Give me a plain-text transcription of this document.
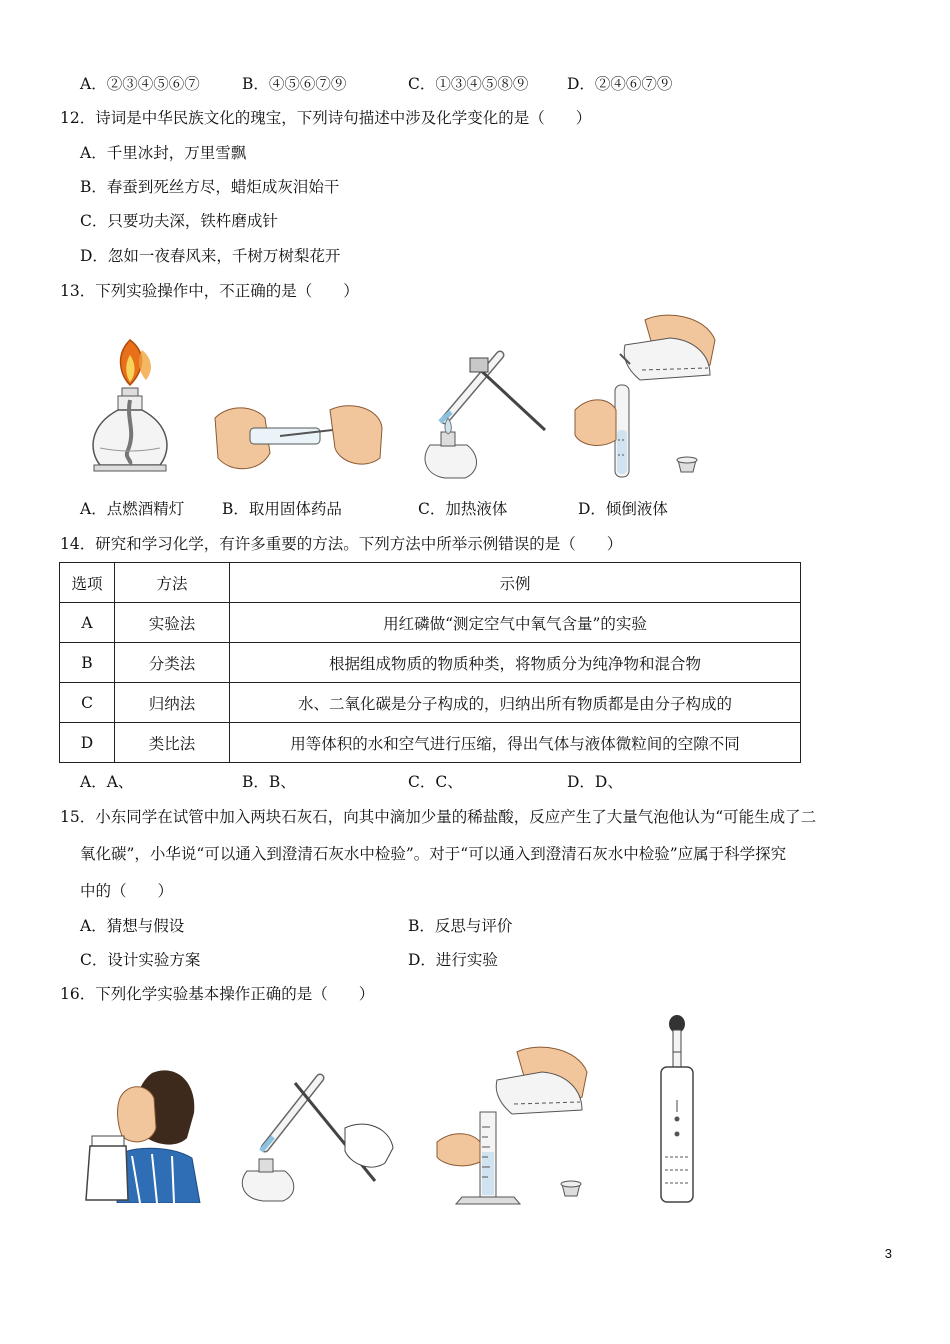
A．②③④⑤⑥⑦	B．④⑤⑥⑦⑨	C．①③④⑤⑧⑨ D．②④⑥⑦⑨
12．诗词是中华民族文化的瑰宝，下列诗句描述中涉及化学变化的是（　　）
A．千里冰封，万里雪飘
B．春蚕到死丝方尽，蜡炬成灰泪始干
C．只要功夫深，铁杵磨成针
D．忽如一夜春风来，千树万树梨花开
13．下列实验操作中，不正确的是（　　）
A．点燃酒精灯 B．取用固体药品	C．加热液体	D．倾倒液体
14．研究和学习化学，有许多重要的方法。下列方法中所举示例错误的是（　　）
选项	方法	示例
A	实验法	用红磷做“测定空气中氧气含量”的实验
B	分类法	根据组成物质的物质种类，将物质分为纯净物和混合物
C	归纳法	水、二氧化碳是分子构成的，归纳出所有物质都是由分子构成的
D	类比法	用等体积的水和空气进行压缩，得出气体与液体微粒间的空隙不同
A．A、	B．B、	C．C、	D．D、
15．小东同学在试管中加入两块石灰石，向其中滴加少量的稀盐酸，反应产生了大量气泡他认为“可能生成了二
氧化碳”，小华说“可以通入到澄清石灰水中检验”。对于“可以通入到澄清石灰水中检验”应属于科学探究
中的（　　）
A．猜想与假设	B．反思与评价
C．设计实验方案	D．进行实验
16．下列化学实验基本操作正确的是（　　）
3
